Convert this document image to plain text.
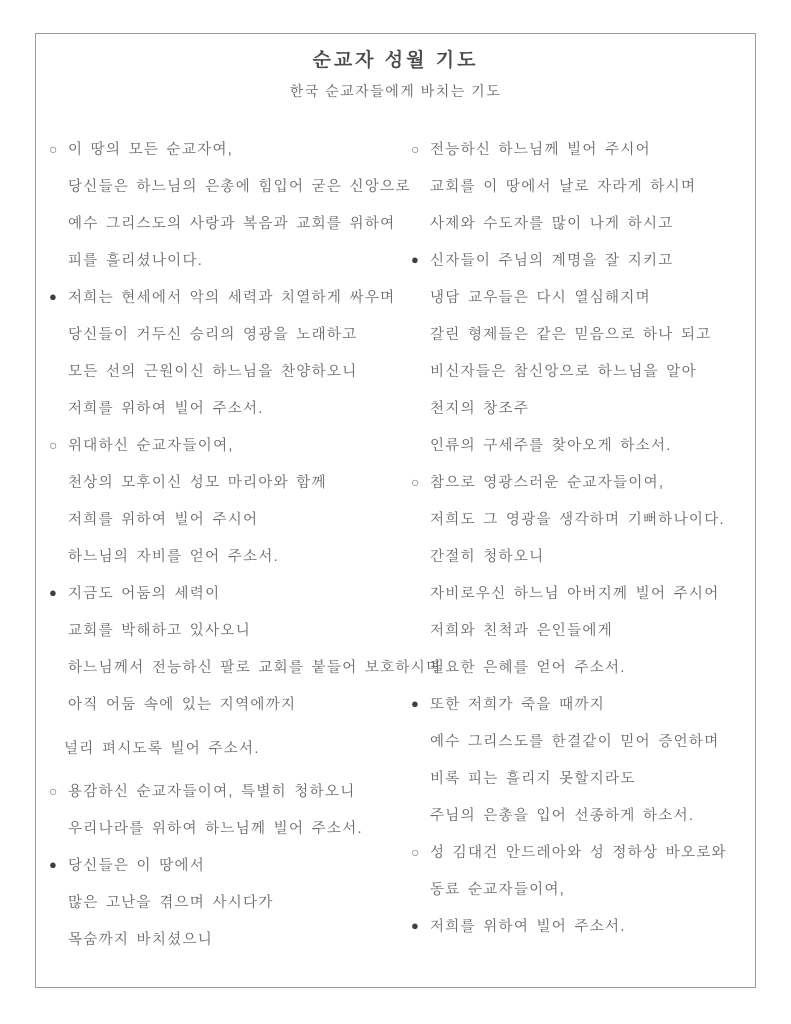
순교자 성월 기도
한국 순교자들에게 바치는 기도
○ 이 땅의 모든 순교자여,
당신들은 하느님의 은총에 힘입어 굳은 신앙으로
예수 그리스도의 사랑과 복음과 교회를 위하여
피를 흘리셨나이다.
● 저희는 현세에서 악의 세력과 치열하게 싸우며
당신들이 거두신 승리의 영광을 노래하고
모든 선의 근원이신 하느님을 찬양하오니
저희를 위하여 빌어 주소서.
○ 위대하신 순교자들이여,
천상의 모후이신 성모 마리아와 함께
저희를 위하여 빌어 주시어
하느님의 자비를 얻어 주소서.
● 지금도 어둠의 세력이
교회를 박해하고 있사오니
하느님께서 전능하신 팔로 교회를 붙들어 보호하시며
아직 어둠 속에 있는 지역에까지
널리 펴시도록 빌어 주소서.
○ 용감하신 순교자들이여, 특별히 청하오니
우리나라를 위하여 하느님께 빌어 주소서.
● 당신들은 이 땅에서
많은 고난을 겪으며 사시다가
목숨까지 바치셨으니
○ 전능하신 하느님께 빌어 주시어
교회를 이 땅에서 날로 자라게 하시며
사제와 수도자를 많이 나게 하시고
● 신자들이 주님의 계명을 잘 지키고
냉담 교우들은 다시 열심해지며
갈린 형제들은 같은 믿음으로 하나 되고
비신자들은 참신앙으로 하느님을 알아
천지의 창조주
인류의 구세주를 찾아오게 하소서.
○ 참으로 영광스러운 순교자들이여,
저희도 그 영광을 생각하며 기뻐하나이다.
간절히 청하오니
자비로우신 하느님 아버지께 빌어 주시어
저희와 친척과 은인들에게
필요한 은혜를 얻어 주소서.
● 또한 저희가 죽을 때까지
예수 그리스도를 한결같이 믿어 증언하며
비록 피는 흘리지 못할지라도
주님의 은총을 입어 선종하게 하소서.
○ 성 김대건 안드레아와 성 정하상 바오로와
동료 순교자들이여,
● 저희를 위하여 빌어 주소서.
